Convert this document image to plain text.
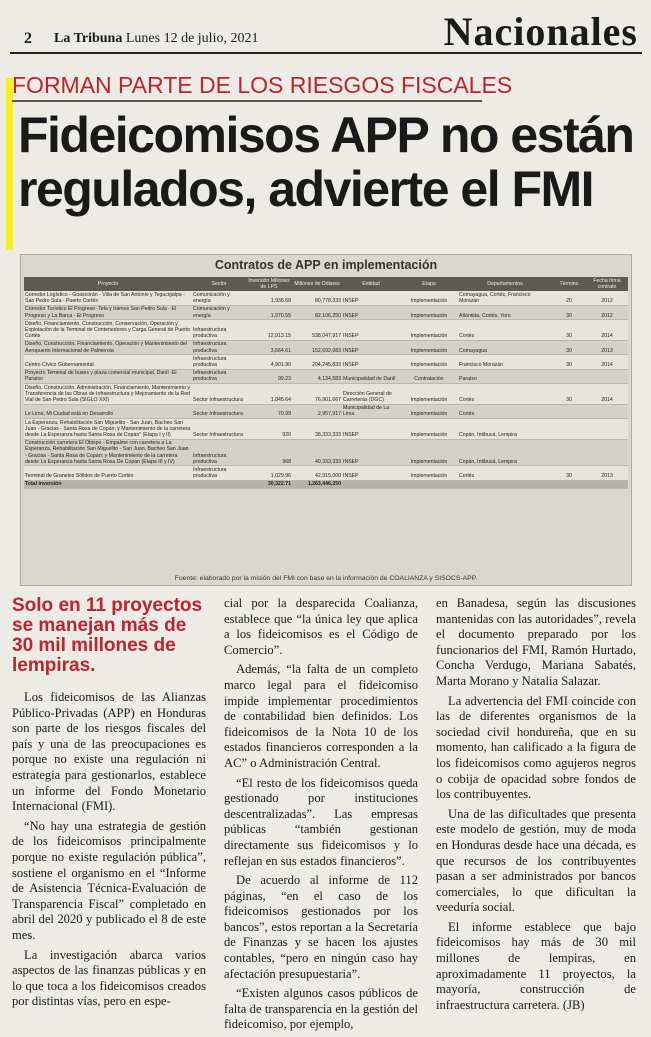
2 La Tribuna Lunes 12 de julio, 2021	Nacionales
FORMAN PARTE DE LOS RIESGOS FISCALES
Fideicomisos APP no están
regulados, advierte el FMI
Contratos de APP en implementación
Proyecto	Sector	Inversión Millones de LPS	Millones de Dólares	Entidad	Etapa	Departamentos	Término	Fecha firma contrato
Corredor Logístico - Goascorán - Villa de San Antonio y Tegucigalpa - San Pedro Sula - Puerto Cortés	Comunicación y energía	1,938.68	80,778,333	INSEP	Implementación	Comayagua, Cortés, Francisco Morazán	20	2012
Corredor Turístico El Progreso -Tela y tramos San Pedro Sula - El Progreso y La Barca - El Progreso	Comunicación y energía	1,970.55	82,106,250	INSEP	Implementación	Atlántida, Cortés, Yoro	30	2012
Diseño, Financiamiento, Construcción, Conservación, Operación y Explotación de la Terminal de Contenedores y Carga General de Puerto Cortés	Infraestructura productiva	12,913.15	538,047,917	INSEP	Implementación	Cortés	30	2014
Diseño, Construcción, Financiamiento, Operación y Mantenimiento del Aeropuerto Internacional de Palmerola	Infraestructura productiva	3,664.61	152,692,083	INSEP	Implementación	Comayagua	30	2013
Centro Cívico Gubernamental	Infraestructura productiva	4,901.90	204,245,833	INSEP	Implementación	Francisco Morazán	30	2014
Proyecto Terminal de buses y plaza comercial municipal, Danlí -El Paraíso	Infraestructura productiva	99.23	4,134,583	Municipalidad de Danlí	Contratación	Paraíso		
Diseño, Construcción, Administración, Financiamiento, Mantenimiento y Transferencia de las Obras de Infraestructura y Mejoramiento de la Red Vial de San Pedro Sula (SIGLO XXI)	Sector Infraestructura	1,845.64	76,901,667	Dirección General de Carreteras (DGC)	Implementación	Cortés	30	2014
Le Lima, Mi Ciudad está en Desarrollo	Sector Infraestructura	70.99	2,957,917	Municipalidad de La Lima	Implementación	Cortés		
La Esperanza, Rehabilitación San Miguelito - San Juan, Bacheo San Juan - Gracias - Santa Rosa de Copán; y Mantenimiento de la carretera desde La Esperanza hasta Santa Rosa de Copán" (Etapa I y II)	Sector Infraestructura	920	38,333,333	INSEP	Implementación	Copán, Intibucá, Lempira		
Construcción carretera El Obispo - Empalme con carretera a La Esperanza, Rehabilitación San Miguelito - San Juan, Bacheo San Juan - Gracias - Santa Rosa de Copán; y Mantenimiento de la carretera desde La Esperanza hasta Santa Rosa De Copán (Etapa III y IV)	Infraestructura productiva	968	40,333,333	INSEP	Implementación	Copán, Intibucá, Lempira		
Terminal de Graneles Sólidos de Puerto Cortés	Infraestructura productiva	1,029.96	42,915,000	INSEP	Implementación	Cortés	30	2013
Total inversión		30,322.71	1,263,446,250					
Fuente: elaborado por la misión del FMI con base en la información de COALIANZA y SISOCS-APP.
Solo en 11 proyectos se manejan más de 30 mil millones de lempiras.

Los fideicomisos de las Alianzas Público-Privadas (APP) en Honduras son parte de los riesgos fiscales del país y una de las preocupaciones es porque no existe una regulación ni estrategia para gestionarlos, establece un informe del Fondo Monetario Internacional (FMI).

“No hay una estrategia de gestión de los fideicomisos principalmente porque no existe regulación pública”, sostiene el organismo en el “Informe de Asistencia Técnica-Evaluación de Transparencia Fiscal” completado en abril del 2020 y publicado el 8 de este mes.

La investigación abarca varios aspectos de las finanzas públicas y en lo que toca a los fideicomisos creados por distintas vías, pero en espe-

cial por la desparecida Coalianza, establece que “la única ley que aplica a los fideicomisos es el Código de Comercio”.

Además, “la falta de un completo marco legal para el fideicomiso impide implementar procedimientos de contabilidad bien definidos. Los fideicomisos de la Nota 10 de los estados financieros corresponden a la AC” o Administración Central.

“El resto de los fideicomisos queda gestionado por instituciones descentralizadas”. Las empresas públicas “también gestionan directamente sus fideicomisos y lo reflejan en sus estados financieros”.

De acuerdo al informe de 112 páginas, “en el caso de los fideicomisos gestionados por los bancos”, estos reportan a la Secretaría de Finanzas y se hacen los ajustes contables, “pero en ningún caso hay afectación presupuestaria”.

“Existen algunos casos públicos de falta de transparencia en la gestión del fideicomiso, por ejemplo,

en Banadesa, según las discusiones mantenidas con las autoridades”, revela el documento preparado por los funcionarios del FMI, Ramón Hurtado, Concha Verdugo, Mariana Sabatés, Marta Morano y Natalia Salazar.

La advertencia del FMI coincide con las de diferentes organismos de la sociedad civil hondureña, que en su momento, han calificado a la figura de los fideicomisos como agujeros negros o cobija de opacidad sobre fondos de los contribuyentes.

Una de las dificultades que presenta este modelo de gestión, muy de moda en Honduras desde hace una década, es que recursos de los contribuyentes pasan a ser administrados por bancos comerciales, lo que dificultan la veeduría social.

El informe establece que bajo fideicomisos hay más de 30 mil millones de lempiras, en aproximadamente 11 proyectos, la mayoría, construcción de infraestructura carretera. (JB)
